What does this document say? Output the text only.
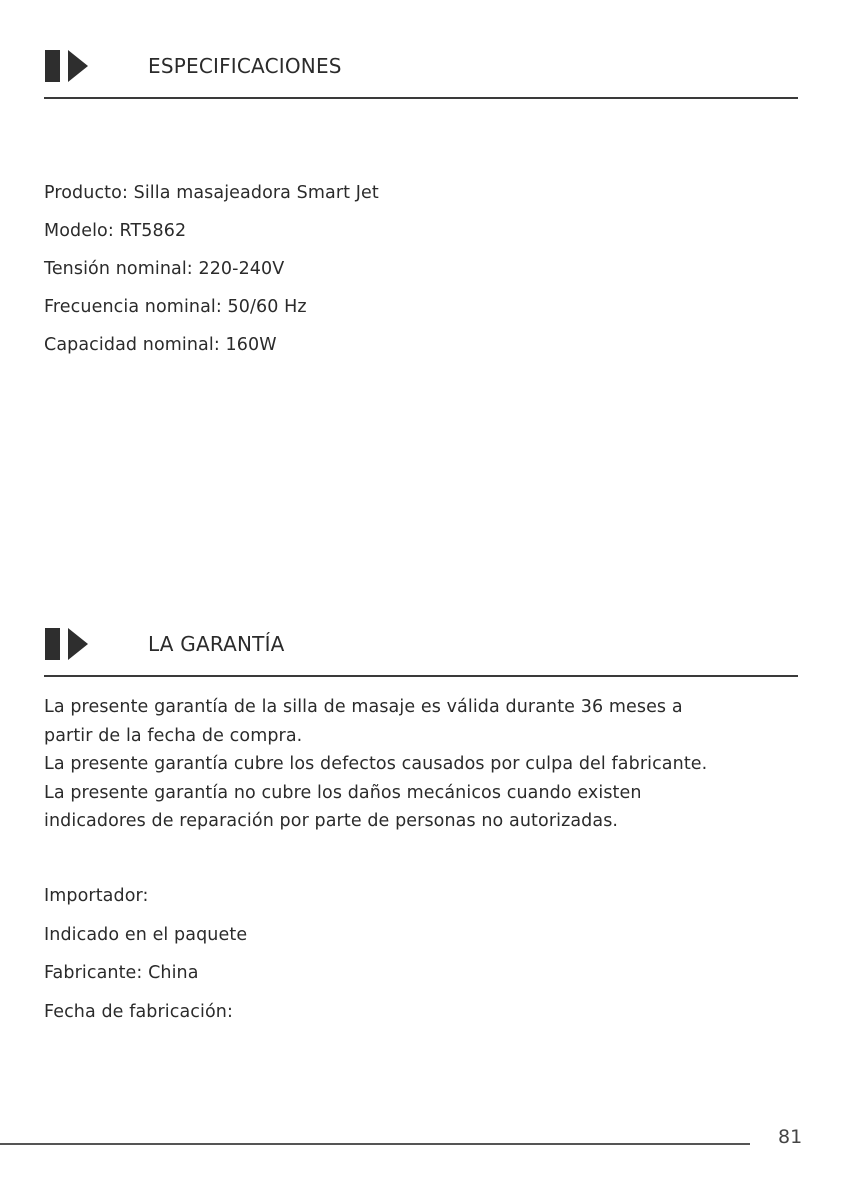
ESPECIFICACIONES
Producto: Silla masajeadora Smart Jet
Modelo: RT5862
Tensión nominal: 220-240V
Frecuencia nominal: 50/60 Hz
Capacidad nominal: 160W
LA GARANTÍA

La presente garantía de la silla de masaje es válida durante 36 meses a

partir de la fecha de compra.

La presente garantía cubre los defectos causados por culpa del fabricante.

La presente garantía no cubre los daños mecánicos cuando existen

indicadores de reparación por parte de personas no autorizadas.

Importador:
Indicado en el paquete
Fabricante: China
Fecha de fabricación:
81
